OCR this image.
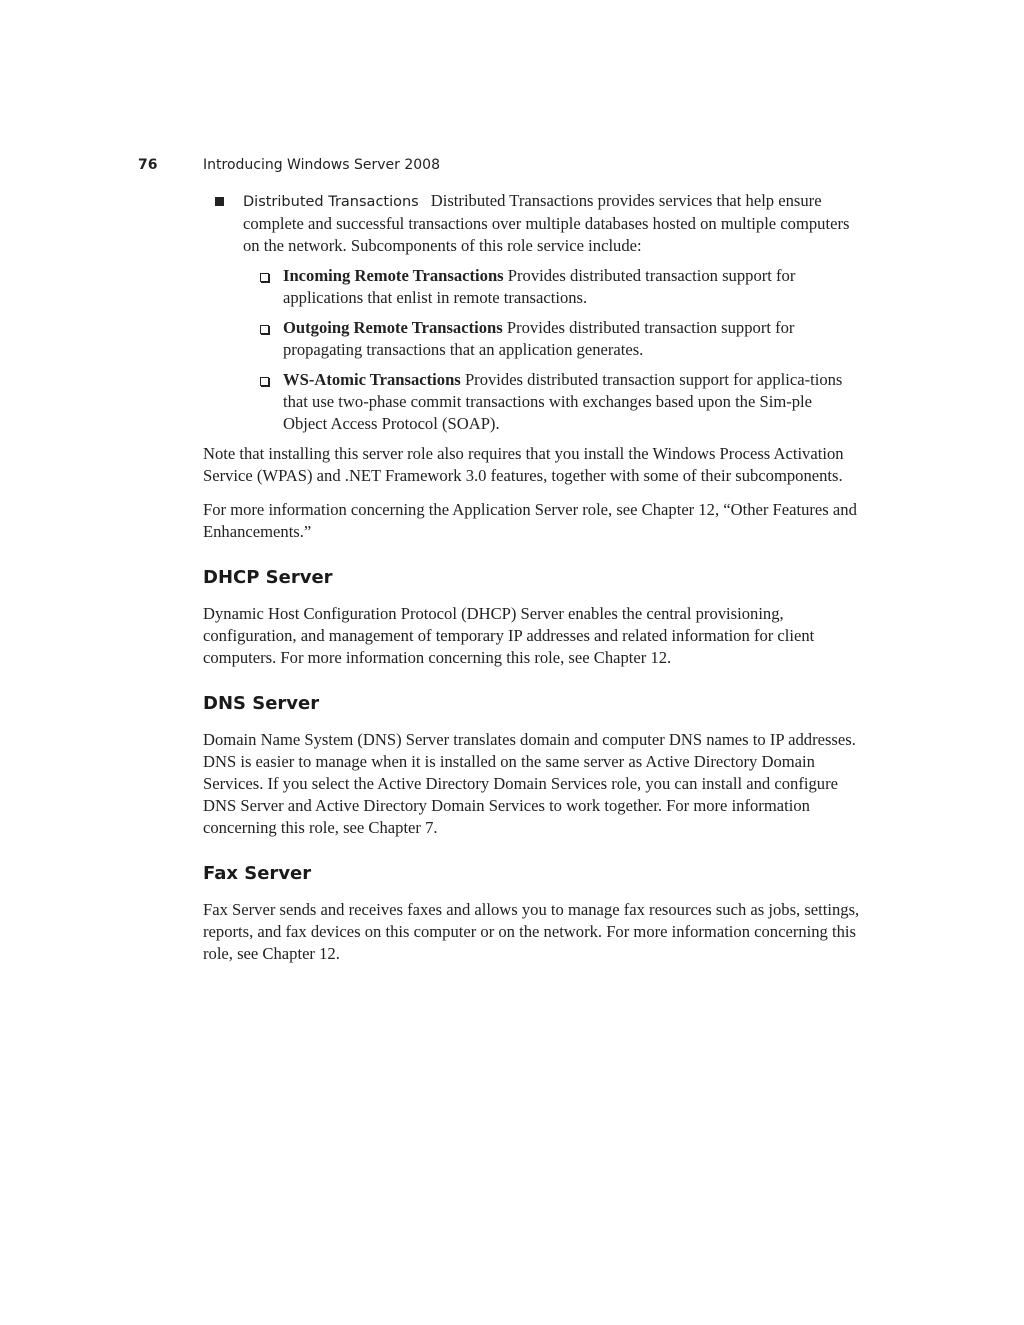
76	Introducing Windows Server 2008

Distributed Transactions Distributed Transactions provides services that help ensure complete and successful transactions over multiple databases hosted on multiple computers on the network. Subcomponents of this role service include:

Incoming Remote Transactions Provides distributed transaction support for applications that enlist in remote transactions.

Outgoing Remote Transactions Provides distributed transaction support for propagating transactions that an application generates.

WS-Atomic Transactions Provides distributed transaction support for applica-tions that use two-phase commit transactions with exchanges based upon the Sim-ple Object Access Protocol (SOAP).

Note that installing this server role also requires that you install the Windows Process Activation Service (WPAS) and .NET Framework 3.0 features, together with some of their subcomponents.

For more information concerning the Application Server role, see Chapter 12, “Other Features and Enhancements.”

DHCP Server

Dynamic Host Configuration Protocol (DHCP) Server enables the central provisioning, configuration, and management of temporary IP addresses and related information for client computers. For more information concerning this role, see Chapter 12.

DNS Server

Domain Name System (DNS) Server translates domain and computer DNS names to IP addresses. DNS is easier to manage when it is installed on the same server as Active Directory Domain Services. If you select the Active Directory Domain Services role, you can install and configure DNS Server and Active Directory Domain Services to work together. For more information concerning this role, see Chapter 7.

Fax Server

Fax Server sends and receives faxes and allows you to manage fax resources such as jobs, settings, reports, and fax devices on this computer or on the network. For more information concerning this role, see Chapter 12.
